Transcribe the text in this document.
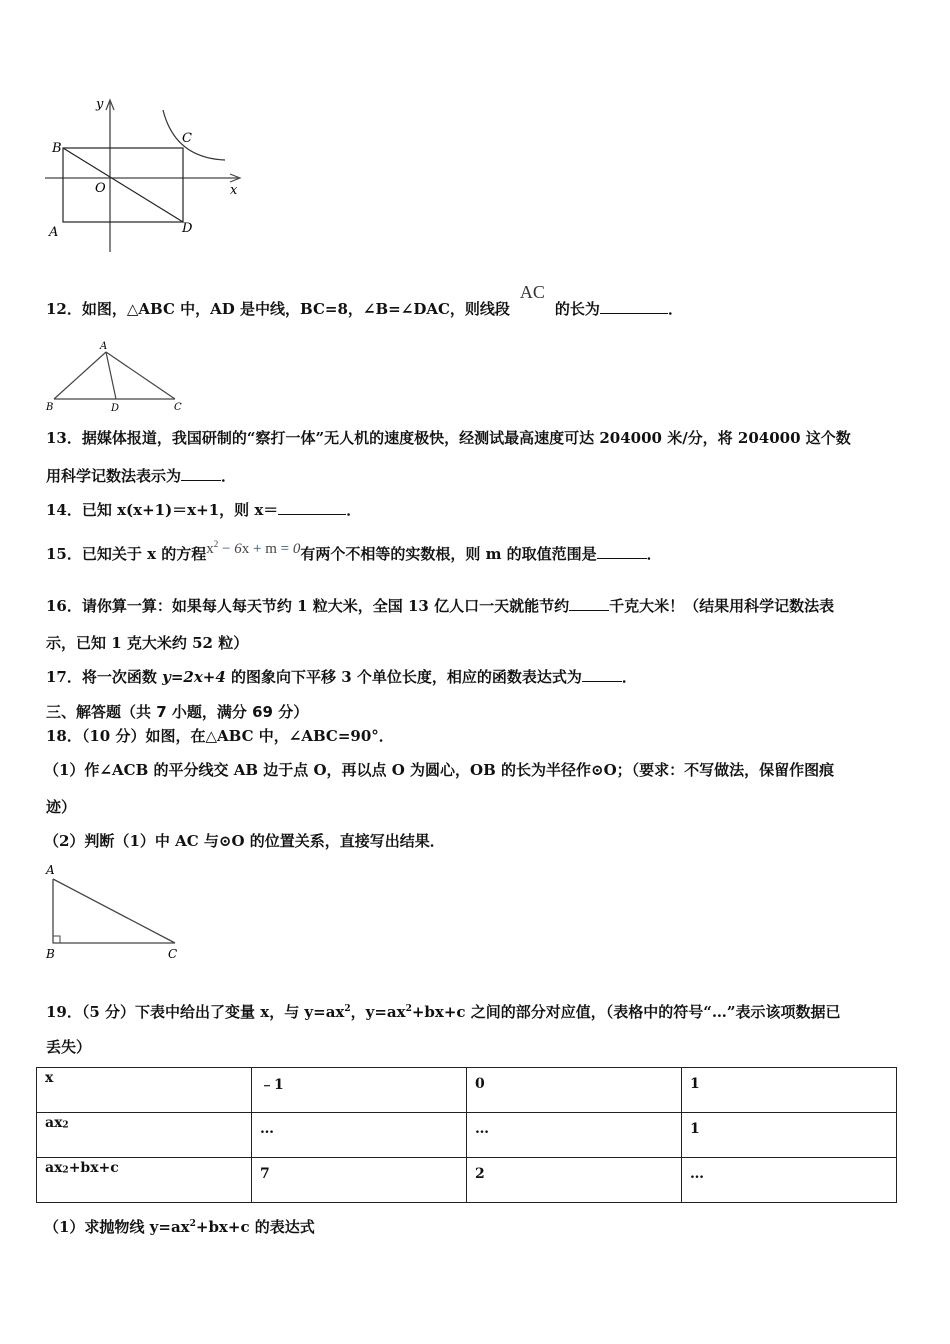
y
x
O
A
B
C
D
12．如图，△ABC 中，AD 是中线，BC=8，∠B=∠DAC，则线段AC的长为	．
A
B	D	C
13．据媒体报道，我国研制的“察打一体”无人机的速度极快，经测试最高速度可达 204000 米/分，将 204000 这个数
用科学记数法表示为	．
14．已知 x(x+1)＝x+1，则 x＝	．
15．已知关于 x 的方程$x^2 - 6x + m = 0$有两个不相等的实数根，则 m 的取值范围是	．
16．请你算一算：如果每人每天节约 1 粒大米，全国 13 亿人口一天就能节约	千克大米！（结果用科学记数法表
示，已知 1 克大米约 52 粒）
17．将一次函数 y=2x+4 的图象向下平移 3 个单位长度，相应的函数表达式为	．
三、解答题（共 7 小题，满分 69 分）
18．（10 分）如图，在△ABC 中，∠ABC=90°．
（1）作∠ACB 的平分线交 AB 边于点 O，再以点 O 为圆心，OB 的长为半径作⊙O；（要求：不写做法，保留作图痕
迹）
（2）判断（1）中 AC 与⊙O 的位置关系，直接写出结果．
A
B	C
19．（5 分）下表中给出了变量 x，与 $y=ax^2$，$y=ax^2+bx+c$ 之间的部分对应值，（表格中的符号“…”表示该项数据已
丢失）
x	﹣1	0	1
$ax^2$	…	…	1
$ax^2+bx+c$	7	2	…
（1）求抛物线 $y=ax^2+bx+c$ 的表达式
